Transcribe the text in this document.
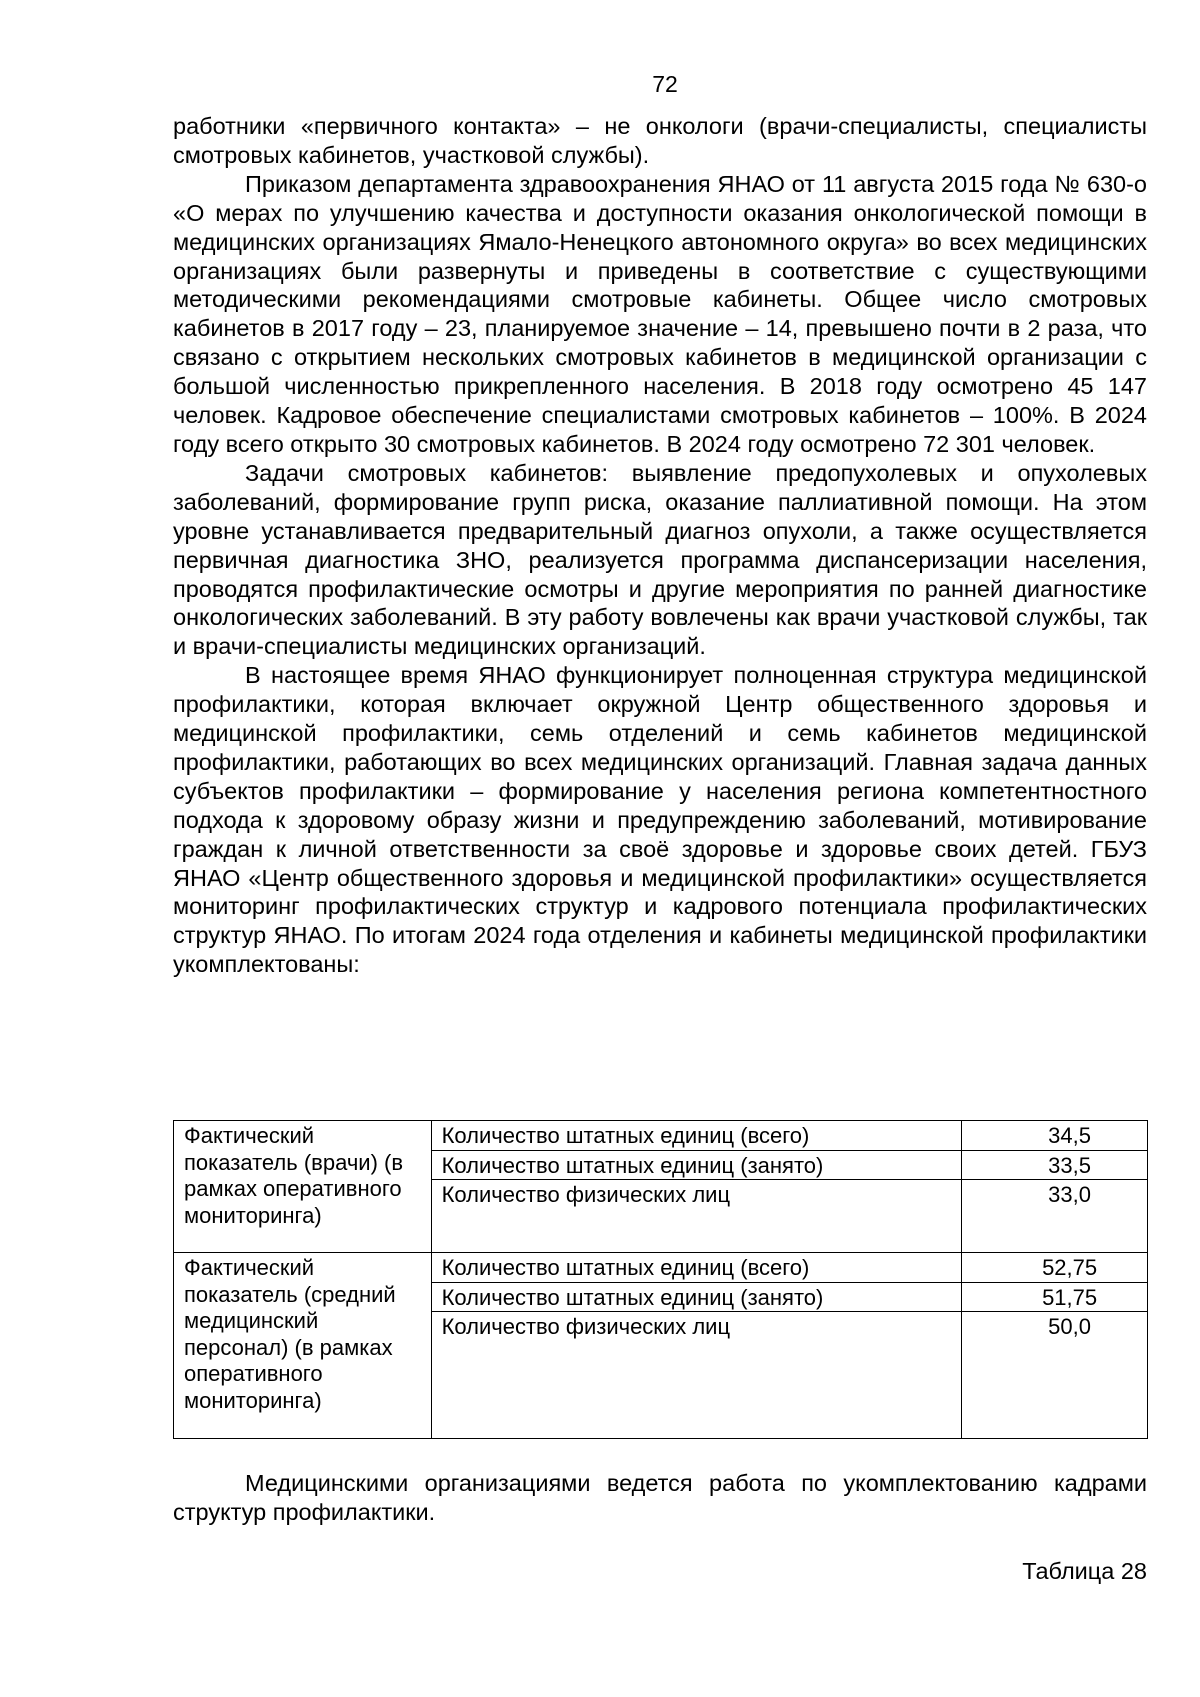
72

работники «первичного контакта» – не онкологи (врачи-специалисты, специалисты смотровых кабинетов, участковой службы).

Приказом департамента здравоохранения ЯНАО от 11 августа 2015 года № 630-о «О мерах по улучшению качества и доступности оказания онкологической помощи в медицинских организациях Ямало-Ненецкого автономного округа» во всех медицинских организациях были развернуты и приведены в соответствие с существующими методическими рекомендациями смотровые кабинеты. Общее число смотровых кабинетов в 2017 году – 23, планируемое значение – 14, превышено почти в 2 раза, что связано с открытием нескольких смотровых кабинетов в медицинской организации с большой численностью прикрепленного населения. В 2018 году осмотрено 45 147 человек. Кадровое обеспечение специалистами смотровых кабинетов – 100%. В 2024 году всего открыто 30 смотровых кабинетов. В 2024 году осмотрено 72 301 человек.

Задачи смотровых кабинетов: выявление предопухолевых и опухолевых заболеваний, формирование групп риска, оказание паллиативной помощи. На этом уровне устанавливается предварительный диагноз опухоли, а также осуществляется первичная диагностика ЗНО, реализуется программа диспансеризации населения, проводятся профилактические осмотры и другие мероприятия по ранней диагностике онкологических заболеваний. В эту работу вовлечены как врачи участковой службы, так и врачи-специалисты медицинских организаций.

В настоящее время ЯНАО функционирует полноценная структура медицинской профилактики, которая включает окружной Центр общественного здоровья и медицинской профилактики, семь отделений и семь кабинетов медицинской профилактики, работающих во всех медицинских организаций. Главная задача данных субъектов профилактики – формирование у населения региона компетентностного подхода к здоровому образу жизни и предупреждению заболеваний, мотивирование граждан к личной ответственности за своё здоровье и здоровье своих детей. ГБУЗ ЯНАО «Центр общественного здоровья и медицинской профилактики» осуществляется мониторинг профилактических структур и кадрового потенциала профилактических структур ЯНАО. По итогам 2024 года отделения и кабинеты медицинской профилактики укомплектованы:

Фактический показатель (врачи) (в рамках оперативного мониторинга)	Количество штатных единиц (всего)	34,5
	Количество штатных единиц (занято)	33,5
	Количество физических лиц	33,0
Фактический показатель (средний медицинский персонал) (в рамках оперативного мониторинга)	Количество штатных единиц (всего)	52,75
	Количество штатных единиц (занято)	51,75
	Количество физических лиц	50,0

Медицинскими организациями ведется работа по укомплектованию кадрами структур профилактики.

Таблица 28
